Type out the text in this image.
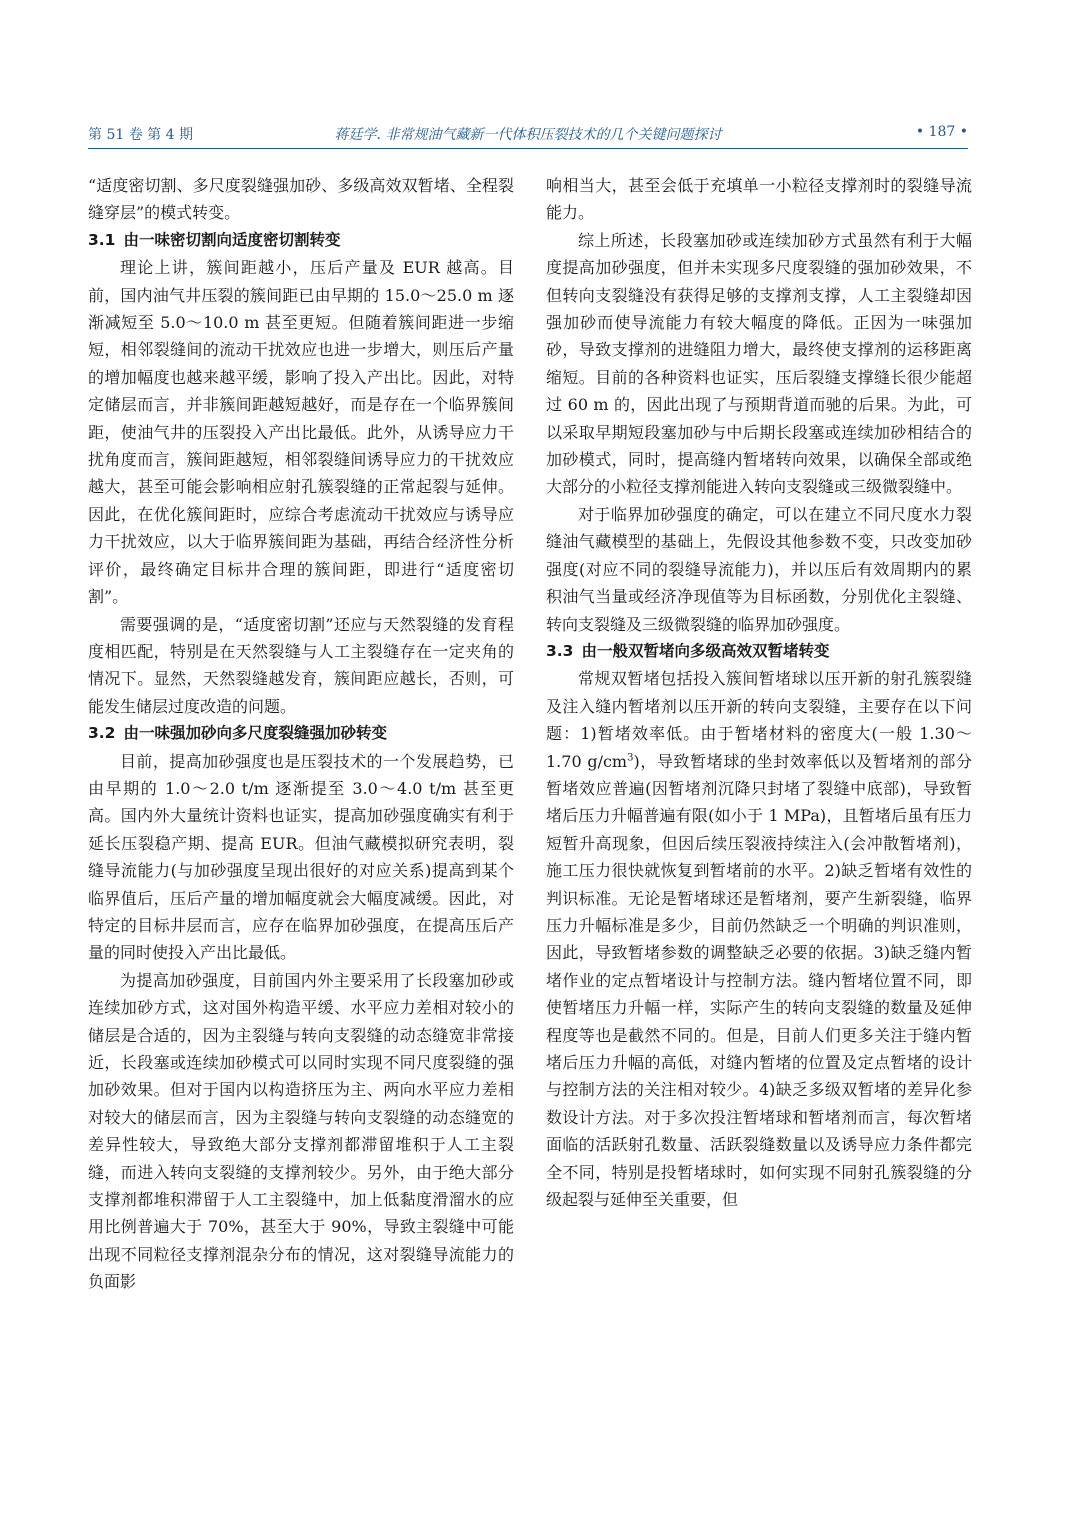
第 51 卷 第 4 期	蒋廷学. 非常规油气藏新一代体积压裂技术的几个关键问题探讨	• 187 •

“适度密切割、多尺度裂缝强加砂、多级高效双暂堵、全程裂缝穿层”的模式转变。

3.1 由一味密切割向适度密切割转变

理论上讲，簇间距越小，压后产量及 EUR 越高。目前，国内油气井压裂的簇间距已由早期的 15.0～25.0 m 逐渐减短至 5.0～10.0 m 甚至更短。但随着簇间距进一步缩短，相邻裂缝间的流动干扰效应也进一步增大，则压后产量的增加幅度也越来越平缓，影响了投入产出比。因此，对特定储层而言，并非簇间距越短越好，而是存在一个临界簇间距，使油气井的压裂投入产出比最低。此外，从诱导应力干扰角度而言，簇间距越短，相邻裂缝间诱导应力的干扰效应越大，甚至可能会影响相应射孔簇裂缝的正常起裂与延伸。因此，在优化簇间距时，应综合考虑流动干扰效应与诱导应力干扰效应，以大于临界簇间距为基础，再结合经济性分析评价，最终确定目标井合理的簇间距，即进行“适度密切割”。

需要强调的是，“适度密切割”还应与天然裂缝的发育程度相匹配，特别是在天然裂缝与人工主裂缝存在一定夹角的情况下。显然，天然裂缝越发育，簇间距应越长，否则，可能发生储层过度改造的问题。

3.2 由一味强加砂向多尺度裂缝强加砂转变

目前，提高加砂强度也是压裂技术的一个发展趋势，已由早期的 1.0～2.0 t/m 逐渐提至 3.0～4.0 t/m 甚至更高。国内外大量统计资料也证实，提高加砂强度确实有利于延长压裂稳产期、提高 EUR。但油气藏模拟研究表明，裂缝导流能力(与加砂强度呈现出很好的对应关系)提高到某个临界值后，压后产量的增加幅度就会大幅度减缓。因此，对特定的目标井层而言，应存在临界加砂强度，在提高压后产量的同时使投入产出比最低。

为提高加砂强度，目前国内外主要采用了长段塞加砂或连续加砂方式，这对国外构造平缓、水平应力差相对较小的储层是合适的，因为主裂缝与转向支裂缝的动态缝宽非常接近，长段塞或连续加砂模式可以同时实现不同尺度裂缝的强加砂效果。但对于国内以构造挤压为主、两向水平应力差相对较大的储层而言，因为主裂缝与转向支裂缝的动态缝宽的差异性较大，导致绝大部分支撑剂都滞留堆积于人工主裂缝，而进入转向支裂缝的支撑剂较少。另外，由于绝大部分支撑剂都堆积滞留于人工主裂缝中，加上低黏度滑溜水的应用比例普遍大于 70%，甚至大于 90%，导致主裂缝中可能出现不同粒径支撑剂混杂分布的情况，这对裂缝导流能力的负面影

响相当大，甚至会低于充填单一小粒径支撑剂时的裂缝导流能力。

综上所述，长段塞加砂或连续加砂方式虽然有利于大幅度提高加砂强度，但并未实现多尺度裂缝的强加砂效果，不但转向支裂缝没有获得足够的支撑剂支撑，人工主裂缝却因强加砂而使导流能力有较大幅度的降低。正因为一味强加砂，导致支撑剂的进缝阻力增大，最终使支撑剂的运移距离缩短。目前的各种资料也证实，压后裂缝支撑缝长很少能超过 60 m 的，因此出现了与预期背道而驰的后果。为此，可以采取早期短段塞加砂与中后期长段塞或连续加砂相结合的加砂模式，同时，提高缝内暂堵转向效果，以确保全部或绝大部分的小粒径支撑剂能进入转向支裂缝或三级微裂缝中。

对于临界加砂强度的确定，可以在建立不同尺度水力裂缝油气藏模型的基础上，先假设其他参数不变，只改变加砂强度(对应不同的裂缝导流能力)，并以压后有效周期内的累积油气当量或经济净现值等为目标函数，分别优化主裂缝、转向支裂缝及三级微裂缝的临界加砂强度。

3.3 由一般双暂堵向多级高效双暂堵转变

常规双暂堵包括投入簇间暂堵球以压开新的射孔簇裂缝及注入缝内暂堵剂以压开新的转向支裂缝，主要存在以下问题：1)暂堵效率低。由于暂堵材料的密度大(一般 1.30～1.70 $g/cm^3$)，导致暂堵球的坐封效率低以及暂堵剂的部分暂堵效应普遍(因暂堵剂沉降只封堵了裂缝中底部)，导致暂堵后压力升幅普遍有限(如小于 1 MPa)，且暂堵后虽有压力短暂升高现象，但因后续压裂液持续注入(会冲散暂堵剂)，施工压力很快就恢复到暂堵前的水平。2)缺乏暂堵有效性的判识标准。无论是暂堵球还是暂堵剂，要产生新裂缝，临界压力升幅标准是多少，目前仍然缺乏一个明确的判识准则，因此，导致暂堵参数的调整缺乏必要的依据。3)缺乏缝内暂堵作业的定点暂堵设计与控制方法。缝内暂堵位置不同，即使暂堵压力升幅一样，实际产生的转向支裂缝的数量及延伸程度等也是截然不同的。但是，目前人们更多关注于缝内暂堵后压力升幅的高低，对缝内暂堵的位置及定点暂堵的设计与控制方法的关注相对较少。4)缺乏多级双暂堵的差异化参数设计方法。对于多次投注暂堵球和暂堵剂而言，每次暂堵面临的活跃射孔数量、活跃裂缝数量以及诱导应力条件都完全不同，特别是投暂堵球时，如何实现不同射孔簇裂缝的分级起裂与延伸至关重要，但
